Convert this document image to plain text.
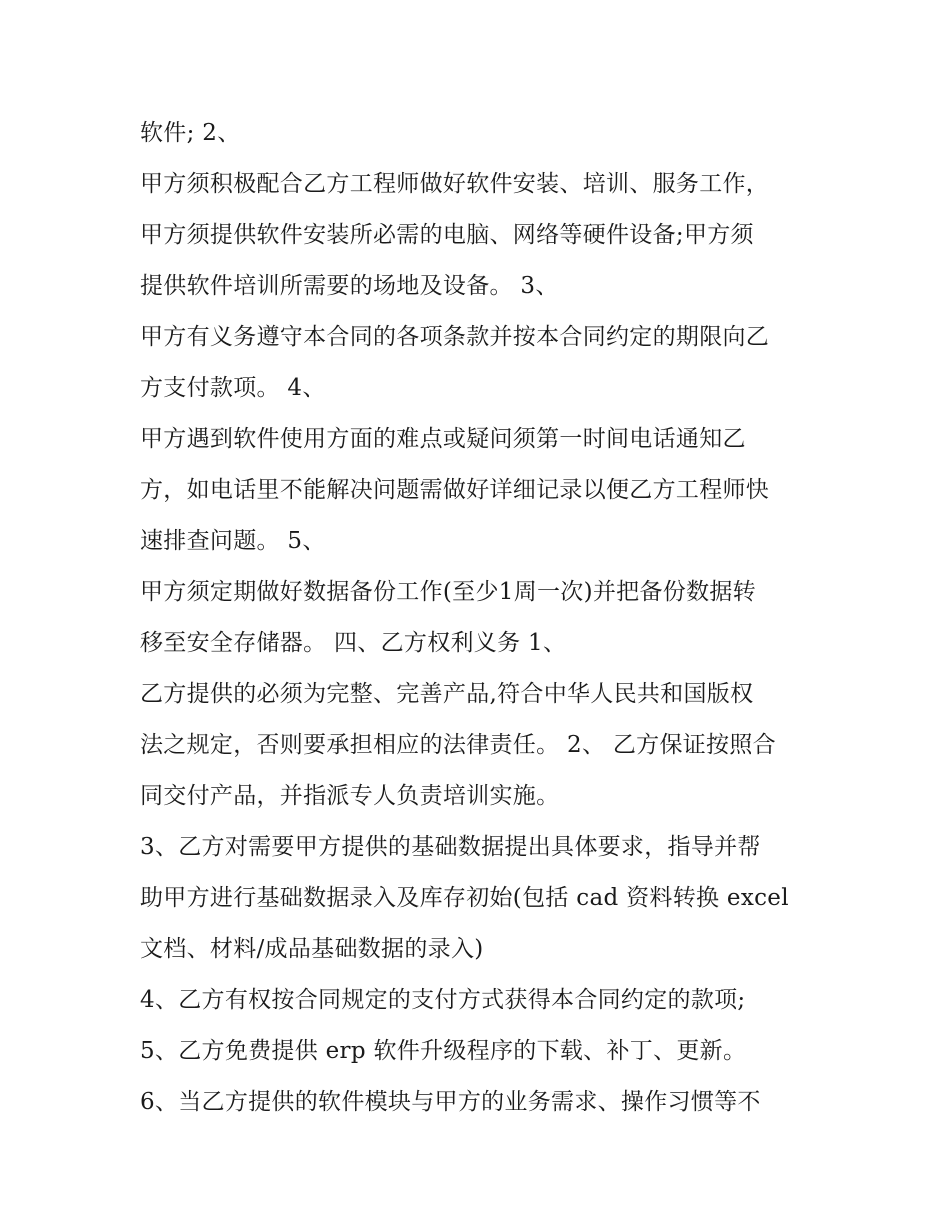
软件; 2、
甲方须积极配合乙方工程师做好软件安装、培训、服务工作，
甲方须提供软件安装所必需的电脑、网络等硬件设备;甲方须
提供软件培训所需要的场地及设备。 3、
甲方有义务遵守本合同的各项条款并按本合同约定的期限向乙
方支付款项。 4、
甲方遇到软件使用方面的难点或疑问须第一时间电话通知乙
方，如电话里不能解决问题需做好详细记录以便乙方工程师快
速排查问题。 5、
甲方须定期做好数据备份工作(至少1周一次)并把备份数据转
移至安全存储器。 四、乙方权利义务 1、
乙方提供的必须为完整、完善产品,符合中华人民共和国版权
法之规定，否则要承担相应的法律责任。 2、 乙方保证按照合
同交付产品，并指派专人负责培训实施。
3、乙方对需要甲方提供的基础数据提出具体要求，指导并帮
助甲方进行基础数据录入及库存初始(包括 cad 资料转换 excel
文档、材料/成品基础数据的录入)
4、乙方有权按合同规定的支付方式获得本合同约定的款项;
5、乙方免费提供 erp 软件升级程序的下载、补丁、更新。
6、当乙方提供的软件模块与甲方的业务需求、操作习惯等不
